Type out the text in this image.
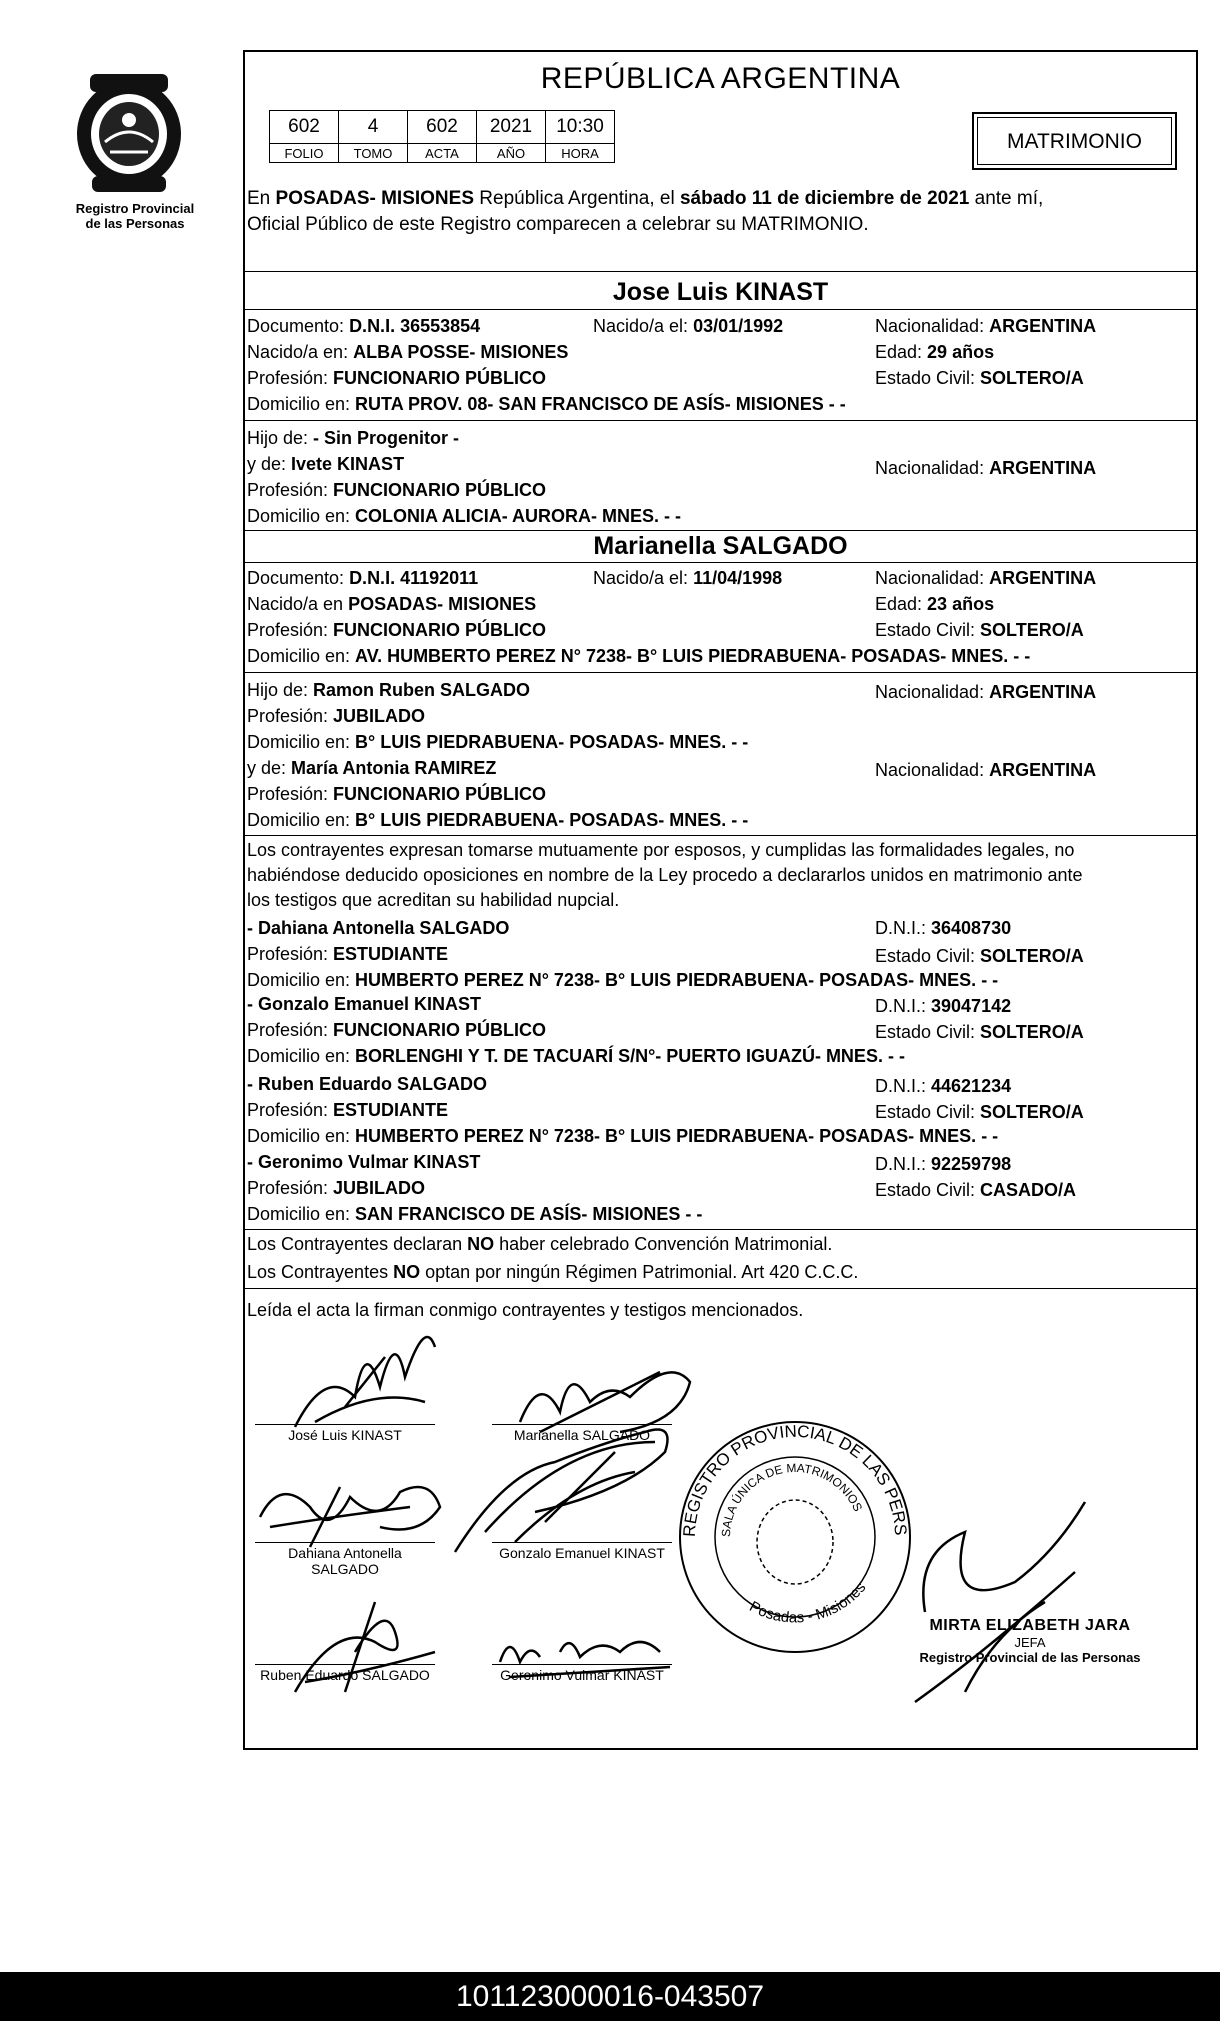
Registro Provincial
de las Personas
REPÚBLICA ARGENTINA
602	4	602	2021	10:30
FOLIO	TOMO	ACTA	AÑO	HORA	MATRIMONIO
En POSADAS- MISIONES República Argentina, el sábado 11 de diciembre de 2021 ante mí,
Oficial Público de este Registro comparecen a celebrar su MATRIMONIO.
Jose Luis KINAST
Documento: D.N.I. 36553854	Nacido/a el: 03/01/1992	Nacionalidad: ARGENTINA
Nacido/a en: ALBA POSSE- MISIONES	Edad: 29 años
Profesión: FUNCIONARIO PÚBLICO	Estado Civil: SOLTERO/A
Domicilio en: RUTA PROV. 08- SAN FRANCISCO DE ASÍS- MISIONES - -
Hijo de: - Sin Progenitor -
y de: Ivete KINAST	Nacionalidad: ARGENTINA
Profesión: FUNCIONARIO PÚBLICO
Domicilio en: COLONIA ALICIA- AURORA- MNES. - -
Marianella SALGADO
Documento: D.N.I. 41192011	Nacido/a el: 11/04/1998	Nacionalidad: ARGENTINA
Nacido/a en POSADAS- MISIONES	Edad: 23 años
Profesión: FUNCIONARIO PÚBLICO	Estado Civil: SOLTERO/A
Domicilio en: AV. HUMBERTO PEREZ N° 7238- B° LUIS PIEDRABUENA- POSADAS- MNES. - -
Hijo de: Ramon Ruben SALGADO	Nacionalidad: ARGENTINA
Profesión: JUBILADO
Domicilio en: B° LUIS PIEDRABUENA- POSADAS- MNES. - -
y de: María Antonia RAMIREZ	Nacionalidad: ARGENTINA
Profesión: FUNCIONARIO PÚBLICO
Domicilio en: B° LUIS PIEDRABUENA- POSADAS- MNES. - -
Los contrayentes expresan tomarse mutuamente por esposos, y cumplidas las formalidades legales, no
habiéndose deducido oposiciones en nombre de la Ley procedo a declararlos unidos en matrimonio ante
los testigos que acreditan su habilidad nupcial.
- Dahiana Antonella SALGADO	D.N.I.: 36408730
Profesión: ESTUDIANTE	Estado Civil: SOLTERO/A
Domicilio en: HUMBERTO PEREZ N° 7238- B° LUIS PIEDRABUENA- POSADAS- MNES. - -
- Gonzalo Emanuel KINAST	D.N.I.: 39047142
Profesión: FUNCIONARIO PÚBLICO	Estado Civil: SOLTERO/A
Domicilio en: BORLENGHI Y T. DE TACUARÍ S/N°- PUERTO IGUAZÚ- MNES. - -
- Ruben Eduardo SALGADO	D.N.I.: 44621234
Profesión: ESTUDIANTE	Estado Civil: SOLTERO/A
Domicilio en: HUMBERTO PEREZ N° 7238- B° LUIS PIEDRABUENA- POSADAS- MNES. - -
- Geronimo Vulmar KINAST	D.N.I.: 92259798
Profesión: JUBILADO	Estado Civil: CASADO/A
Domicilio en: SAN FRANCISCO DE ASÍS- MISIONES - -
Los Contrayentes declaran NO haber celebrado Convención Matrimonial.
Los Contrayentes NO optan por ningún Régimen Patrimonial. Art 420 C.C.C.
Leída el acta la firman conmigo contrayentes y testigos mencionados.
José Luis KINAST	Marianella SALGADO
Dahiana Antonella
SALGADO
Gonzalo Emanuel KINAST
Ruben Eduardo SALGADO	Geronimo Vulmar KINAST
REGISTRO PROVINCIAL DE LAS PERSONAS
SALA ÚNICA DE MATRIMONIOS
Posadas - Misiones
MIRTA ELIZABETH JARA
JEFA
Registro Provincial de las Personas
101123000016-043507
